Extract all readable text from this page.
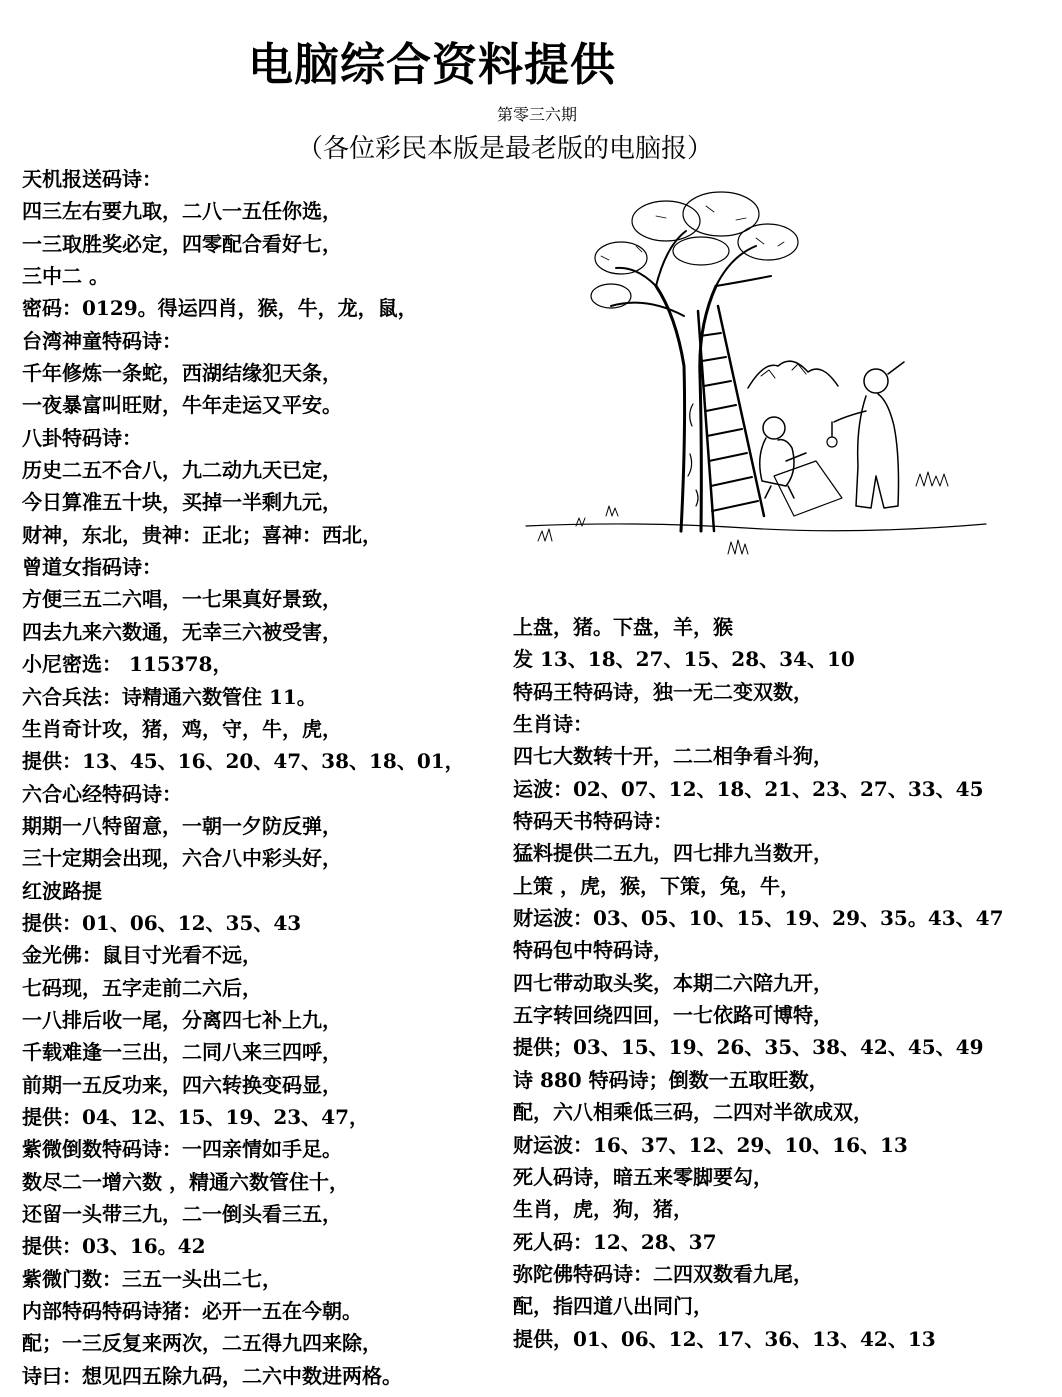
电脑综合资料提供
第零三六期
（各位彩民本版是最老版的电脑报）
天机报送码诗：
四三左右要九取，二八一五任你选，
一三取胜奖必定，四零配合看好七，
三中二 。
密码：0129。得运四肖，猴，牛，龙，鼠，
台湾神童特码诗：
千年修炼一条蛇，西湖结缘犯天条，
一夜暴富叫旺财，牛年走运又平安。
八卦特码诗：
历史二五不合八，九二动九天已定，
今日算准五十块，买掉一半剩九元，
财神，东北，贵神：正北；喜神：西北，
曾道女指码诗：
方便三五二六唱，一七果真好景致，
四去九来六数通，无幸三六被受害，
小尼密选： 115378，
六合兵法：诗精通六数管住 11。
生肖奇计攻，猪，鸡，守，牛，虎，
提供：13、45、16、20、47、38、18、01，
六合心经特码诗：
期期一八特留意，一朝一夕防反弹，
三十定期会出现，六合八中彩头好，
红波路提
提供：01、06、12、35、43
金光佛：鼠目寸光看不远，
七码现，五字走前二六后，
一八排后收一尾，分离四七补上九，
千载难逢一三出，二同八来三四呼，
前期一五反功来，四六转换变码显，
提供：04、12、15、19、23、47，
紫微倒数特码诗：一四亲情如手足。
数尽二一增六数 ，精通六数管住十，
还留一头带三九，二一倒头看三五，
提供：03、16。42
紫微门数：三五一头出二七，
内部特码特码诗猪：必开一五在今朝。
配；一三反复来两次，二五得九四来除，
诗曰：想见四五除九码，二六中数进两格。
上盘，猪。下盘，羊，猴
发 13、18、27、15、28、34、10
特码王特码诗，独一无二变双数，
生肖诗：
四七大数转十开，二二相争看斗狗，
运波：02、07、12、18、21、23、27、33、45
特码天书特码诗：
猛料提供二五九，四七排九当数开，
上策 ，虎，猴，下策，兔，牛，
财运波：03、05、10、15、19、29、35。43、47
特码包中特码诗，
四七带动取头奖，本期二六陪九开，
五字转回绕四回，一七依路可博特，
提供；03、15、19、26、35、38、42、45、49
诗 880 特码诗；倒数一五取旺数，
配，六八相乘低三码，二四对半欲成双，
财运波：16、37、12、29、10、16、13
死人码诗，暗五来零脚要勾，
生肖，虎，狗，猪，
死人码：12、28、37
弥陀佛特码诗：二四双数看九尾，
配，指四道八出同门，
提供，01、06、12、17、36、13、42、13
